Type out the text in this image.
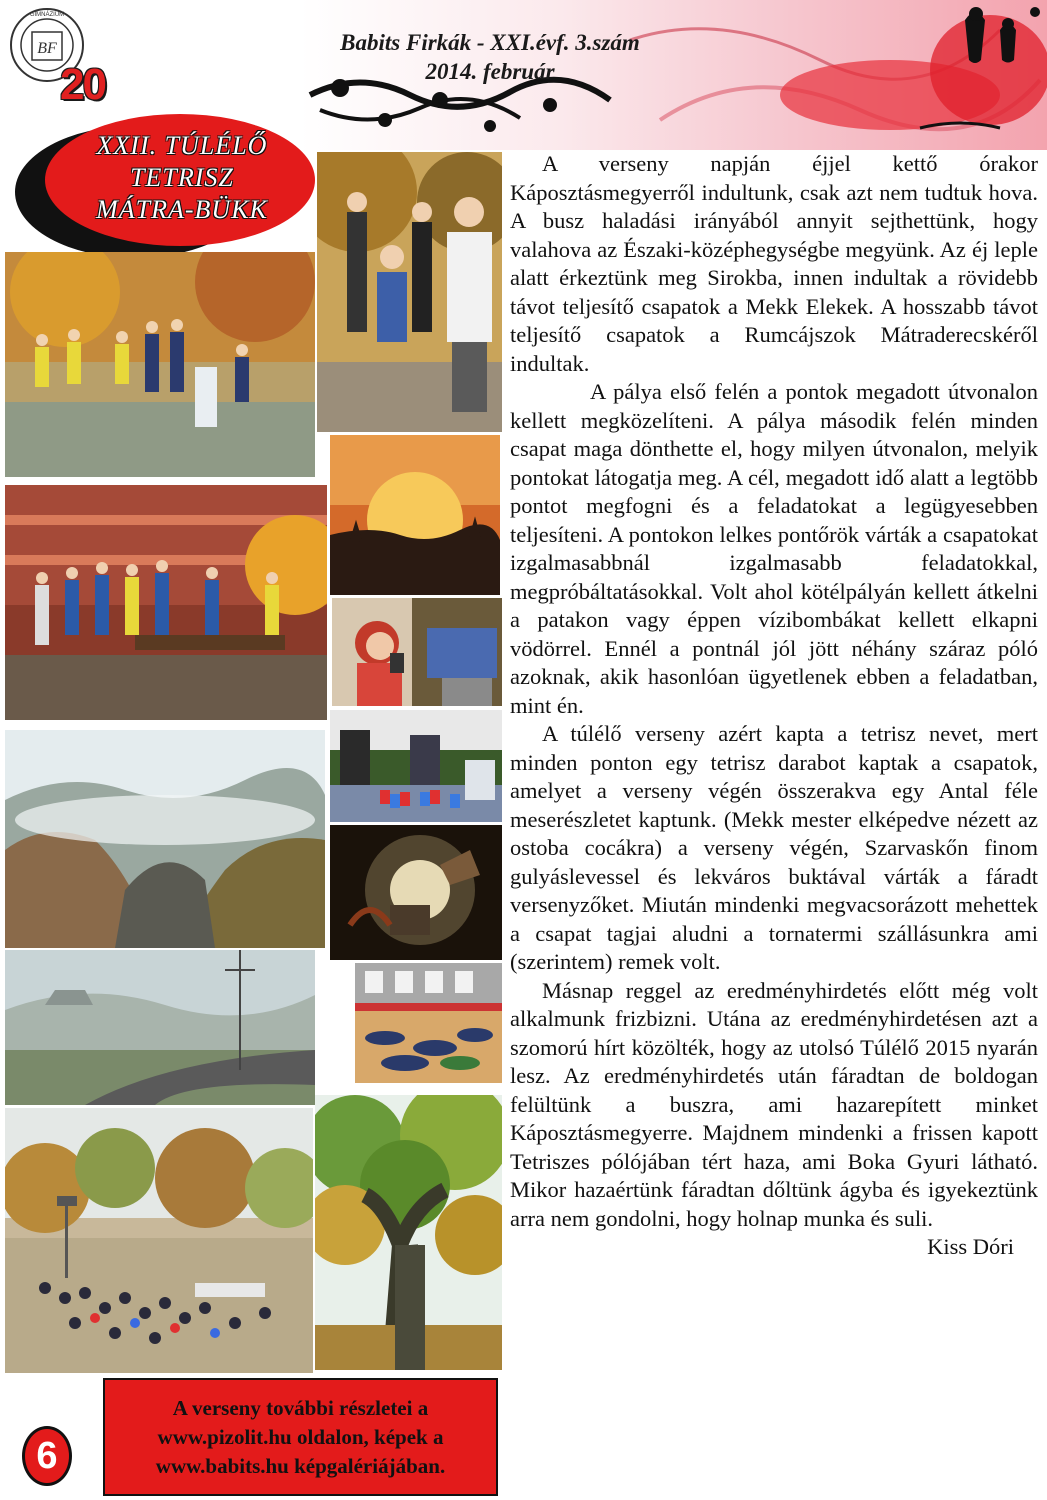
Babits Firkák - XXI.évf. 3.szám
2014. február
BF
GIMNÁZIUM
20
XXII. TÚLÉLŐ
TETRISZ
MÁTRA-BÜKK

A verseny napján éjjel kettő órakor Káposztásmegyerről indultunk, csak azt nem tudtuk hova. A busz haladási irányából annyit sejthettünk, hogy valahova az Északi-középhegységbe megyünk. Az éj leple alatt érkeztünk meg Sirokba, innen indultak a rövidebb távot teljesítő csapatok a Mekk Elekek. A hosszabb távot teljesítő csapatok a Rumcájszok Mátraderecskéről indultak.

A pálya első felén a pontok megadott útvonalon kellett megközelíteni. A pálya második felén minden csapat maga dönthette el, hogy milyen útvonalon, melyik pontokat látogatja meg. A cél, megadott idő alatt a legtöbb pontot megfogni és a feladatokat a legügyesebben teljesíteni. A pontokon lelkes pontőrök várták a csapatokat izgalmasabbnál izgalmasabb feladatokkal, megpróbáltatásokkal. Volt ahol kötélpályán kellett átkelni a patakon vagy éppen vízibombákat kellett elkapni vödörrel. Ennél a pontnál jól jött néhány száraz póló azoknak, akik hasonlóan ügyetlenek ebben a feladatban, mint én.

A túlélő verseny azért kapta a tetrisz nevet, mert minden ponton egy tetrisz darabot kaptak a csapatok, amelyet a verseny végén összerakva egy Antal féle meserészletet kaptunk. (Mekk mester elképedve nézett az ostoba cocákra) a verseny végén, Szarvaskőn finom gulyáslevessel és lekváros buktával várták a fáradt versenyzőket. Miután mindenki megvacsorázott mehettek a csapat tagjai aludni a tornatermi szállásunkra ami (szerintem) remek volt.

Másnap reggel az eredményhirdetés előtt még volt alkalmunk frizbizni. Utána az eredményhirdetésen azt a szomorú hírt közölték, hogy az utolsó Túlélő 2015 nyarán lesz. Az eredményhirdetés után fáradtan de boldogan felültünk a buszra, ami hazarepített minket Káposztásmegyerre. Majdnem mindenki a frissen kapott Tetriszes pólójában tért haza, ami Boka Gyuri látható. Mikor hazaértünk fáradtan dőltünk ágyba és igyekeztünk arra nem gondolni, hogy holnap munka és suli.

Kiss Dóri

A verseny további részletei a
www.pizolit.hu oldalon, képek a
www.babits.hu képgalériájában.
6
